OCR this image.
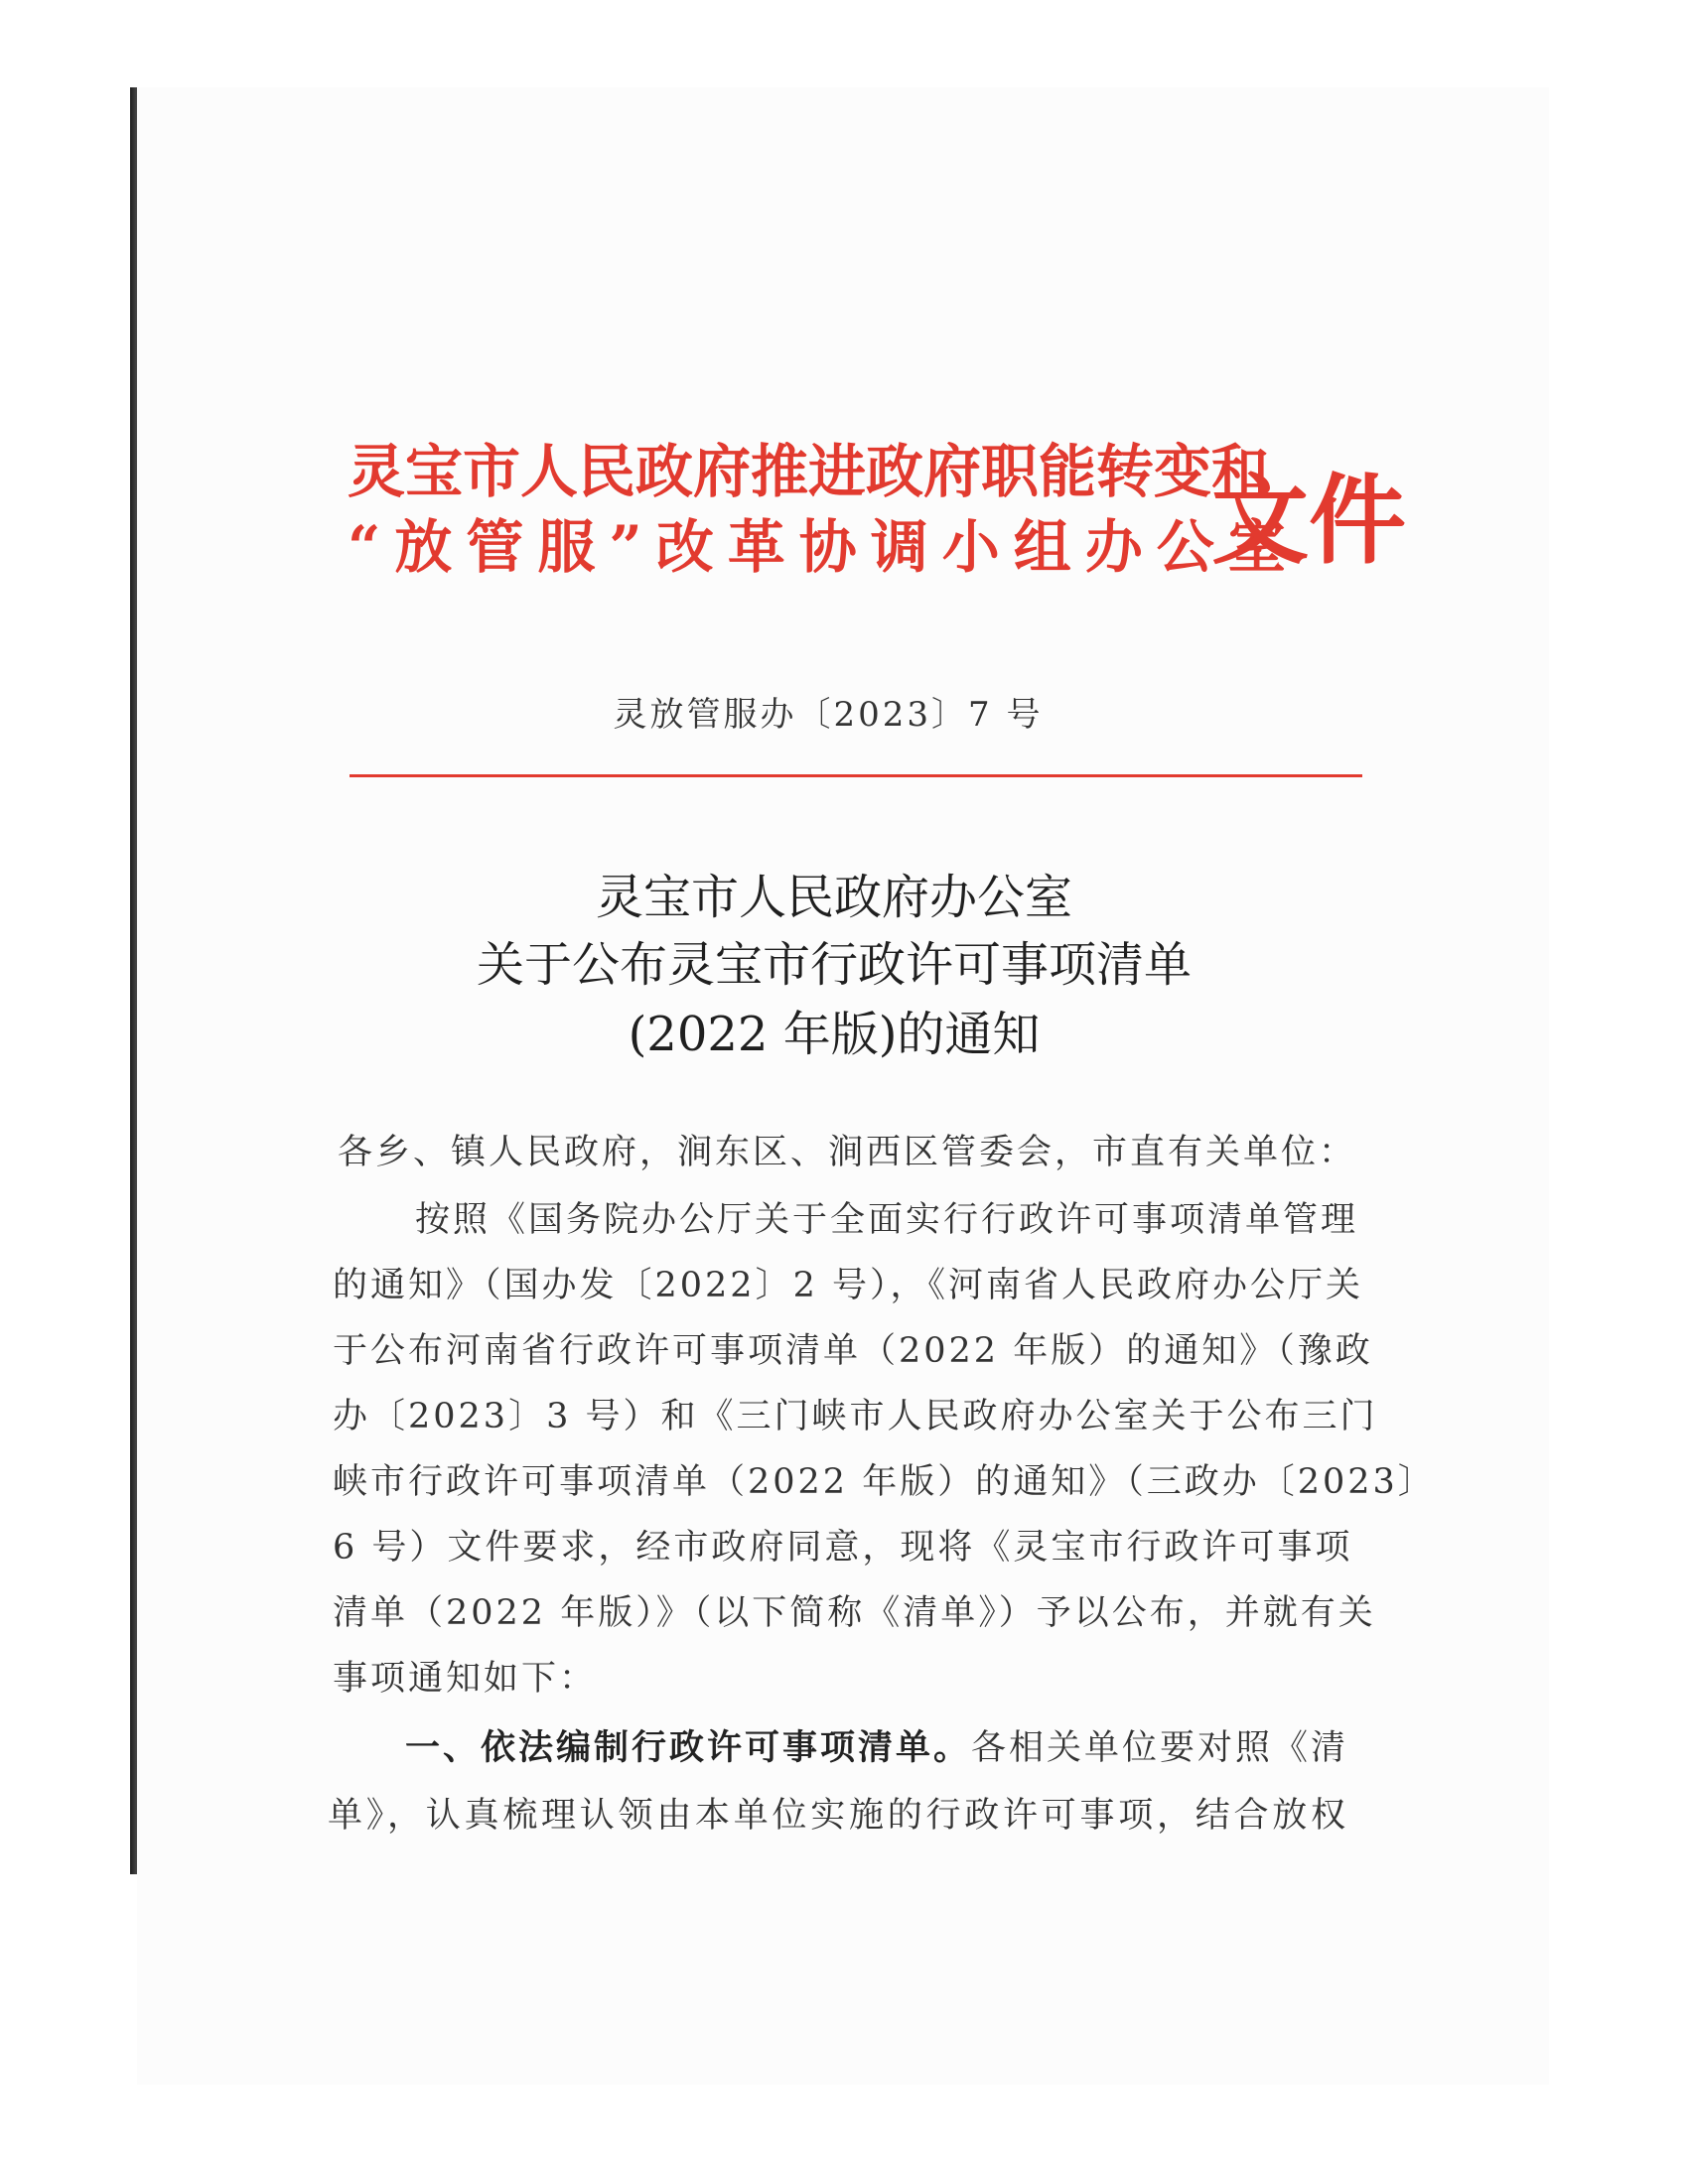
灵宝市人民政府推进政府职能转变和
“放管服”改革协调小组办公室
文件
灵放管服办〔2023〕7 号
灵宝市人民政府办公室
关于公布灵宝市行政许可事项清单
(2022 年版)的通知
各乡、镇人民政府，涧东区、涧西区管委会，市直有关单位：
按照《国务院办公厅关于全面实行行政许可事项清单管理
的通知》（国办发〔2022〕2 号），《河南省人民政府办公厅关
于公布河南省行政许可事项清单（2022 年版）的通知》（豫政
办〔2023〕3 号）和《三门峡市人民政府办公室关于公布三门
峡市行政许可事项清单（2022 年版）的通知》（三政办〔2023〕
6 号）文件要求，经市政府同意，现将《灵宝市行政许可事项
清单（2022 年版）》（以下简称《清单》）予以公布，并就有关
事项通知如下：
一、依法编制行政许可事项清单。各相关单位要对照《清
单》，认真梳理认领由本单位实施的行政许可事项，结合放权
